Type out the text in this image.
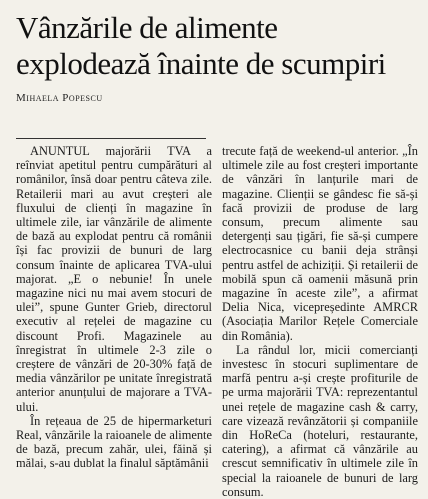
Vânzările de alimente
explodează înainte de scumpiri
Mihaela Popescu

ANUNTUL majorării TVA a reînviat apetitul pentru cumpărături al românilor, însă doar pentru câteva zile. Retailerii mari au avut creșteri ale fluxului de clienți în magazine în ultimele zile, iar vânzările de alimente de bază au explodat pentru că românii își fac provizii de bunuri de larg consum înainte de aplicarea TVA-ului majorat. „E o nebunie! În unele magazine nici nu mai avem stocuri de ulei”, spune Gunter Grieb, directorul executiv al rețelei de magazine cu discount Profi. Magazinele au înregistrat în ultimele 2-3 zile o creștere de vânzări de 20-30% față de media vânzărilor pe unitate înregistrată anterior anunțului de majorare a TVA-ului.

În rețeaua de 25 de hipermarketuri Real, vânzările la raioanele de alimente de bază, precum zahăr, ulei, făină și mălai, s-au dublat la finalul săptămânii

trecute față de weekend-ul anterior. „În ultimele zile au fost creșteri importante de vânzări în lanțurile mari de magazine. Clienții se gândesc fie să-și facă provizii de produse de larg consum, precum alimente sau detergenți sau țigări, fie să-și cumpere electrocasnice cu banii deja strânși pentru astfel de achiziții. Și retailerii de mobilă spun că oamenii măsună prin magazine în aceste zile”, a afirmat Delia Nica, vicepreședinte AMRCR (Asociația Marilor Rețele Comerciale din România).

La rândul lor, micii comercianți investesc în stocuri suplimentare de marfă pentru a-și crește profiturile de pe urma majorării TVA: reprezentantul unei rețele de magazine cash & carry, care vizează revânzătorii și companiile din HoReCa (hoteluri, restaurante, catering), a afirmat că vânzările au crescut semnificativ în ultimele zile în special la raioanele de bunuri de larg consum.
